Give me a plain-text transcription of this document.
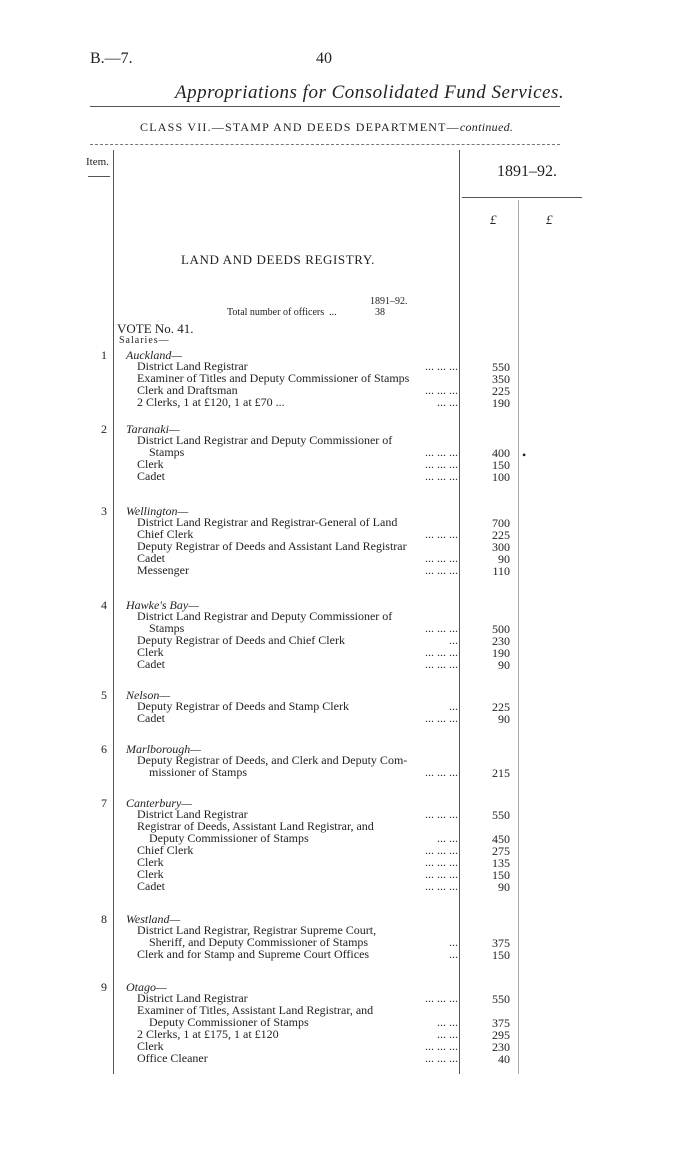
B.—7.	40
Appropriations for Consolidated Fund Services.
CLASS VII.—STAMP AND DEEDS DEPARTMENT—continued.
Item.
1891–92.
£	£
LAND AND DEEDS REGISTRY.
1891–92.
Total number of officers ...	38
VOTE No. 41.
Salaries—
•
1	Auckland—
District Land Registrar	... ... ...	550
Examiner of Titles and Deputy Commissioner of Stamps	350
Clerk and Draftsman	... ... ...	225
2 Clerks, 1 at £120, 1 at £70 ...	... ...	190
2	Taranaki—
District Land Registrar and Deputy Commissioner of
Stamps	... ... ...	400
Clerk	... ... ...	150
Cadet	... ... ...	100
3	Wellington—
District Land Registrar and Registrar-General of Land	700
Chief Clerk	... ... ...	225
Deputy Registrar of Deeds and Assistant Land Registrar	300
Cadet	... ... ...	90
Messenger	... ... ...	110
4	Hawke's Bay—
District Land Registrar and Deputy Commissioner of
Stamps	... ... ...	500
Deputy Registrar of Deeds and Chief Clerk	...	230
Clerk	... ... ...	190
Cadet	... ... ...	90
5	Nelson—
Deputy Registrar of Deeds and Stamp Clerk	...	225
Cadet	... ... ...	90
6	Marlborough—
Deputy Registrar of Deeds, and Clerk and Deputy Com-
missioner of Stamps	... ... ...	215
7	Canterbury—
District Land Registrar	... ... ...	550
Registrar of Deeds, Assistant Land Registrar, and
Deputy Commissioner of Stamps	... ...	450
Chief Clerk	... ... ...	275
Clerk	... ... ...	135
Clerk	... ... ...	150
Cadet	... ... ...	90
8	Westland—
District Land Registrar, Registrar Supreme Court,
Sheriff, and Deputy Commissioner of Stamps	...	375
Clerk and for Stamp and Supreme Court Offices	...	150
9	Otago—
District Land Registrar	... ... ...	550
Examiner of Titles, Assistant Land Registrar, and
Deputy Commissioner of Stamps	... ...	375
2 Clerks, 1 at £175, 1 at £120	... ...	295
Clerk	... ... ...	230
Office Cleaner	... ... ...	40
